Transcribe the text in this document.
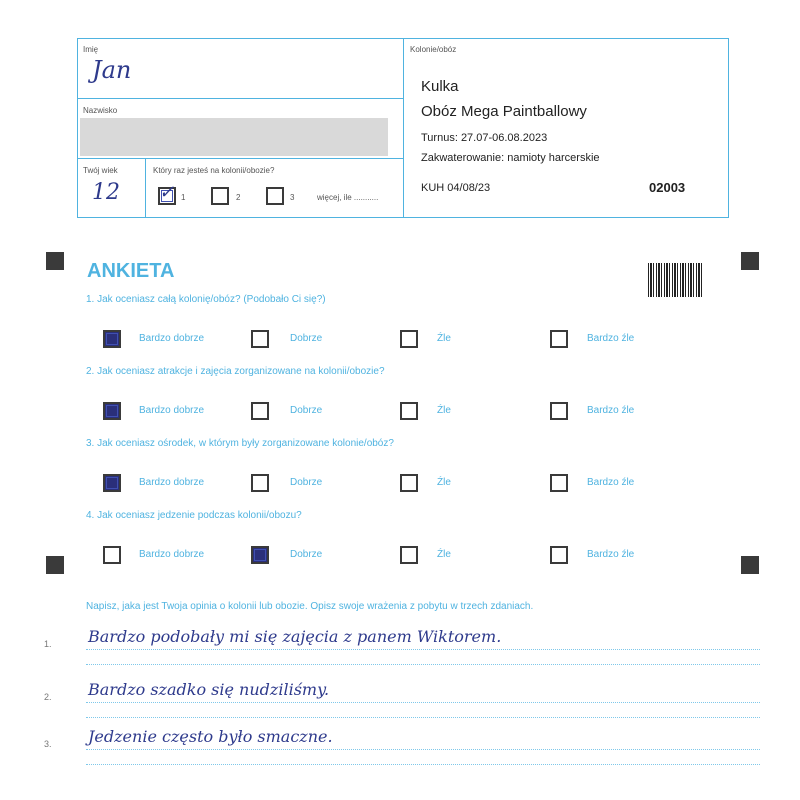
Imię
Jan
Nazwisko
Twój wiek
12
Który raz jesteś na kolonii/obozie?
✓ 1	2	3	więcej, ile ...........
Kolonie/obóz
Kulka
Obóz Mega Paintballowy
Turnus: 27.07-06.08.2023
Zakwaterowanie: namioty harcerskie
KUH 04/08/23	02003
ANKIETA
1. Jak oceniasz całą kolonię/obóz? (Podobało Ci się?)
Bardzo dobrze	Dobrze	Źle	Bardzo źle
2. Jak oceniasz atrakcje i zajęcia zorganizowane na kolonii/obozie?
Bardzo dobrze	Dobrze	Źle	Bardzo źle
3. Jak oceniasz ośrodek, w którym były zorganizowane kolonie/obóz?
Bardzo dobrze	Dobrze	Źle	Bardzo źle
4. Jak oceniasz jedzenie podczas kolonii/obozu?
Bardzo dobrze	Dobrze	Źle	Bardzo źle
Napisz, jaka jest Twoja opinia o kolonii lub obozie. Opisz swoje wrażenia z pobytu w trzech zdaniach.
1. Bardzo podobały mi się zajęcia z panem Wiktorem.
2. Bardzo szadko się nudziliśmy.
3. Jedzenie często było smaczne.
